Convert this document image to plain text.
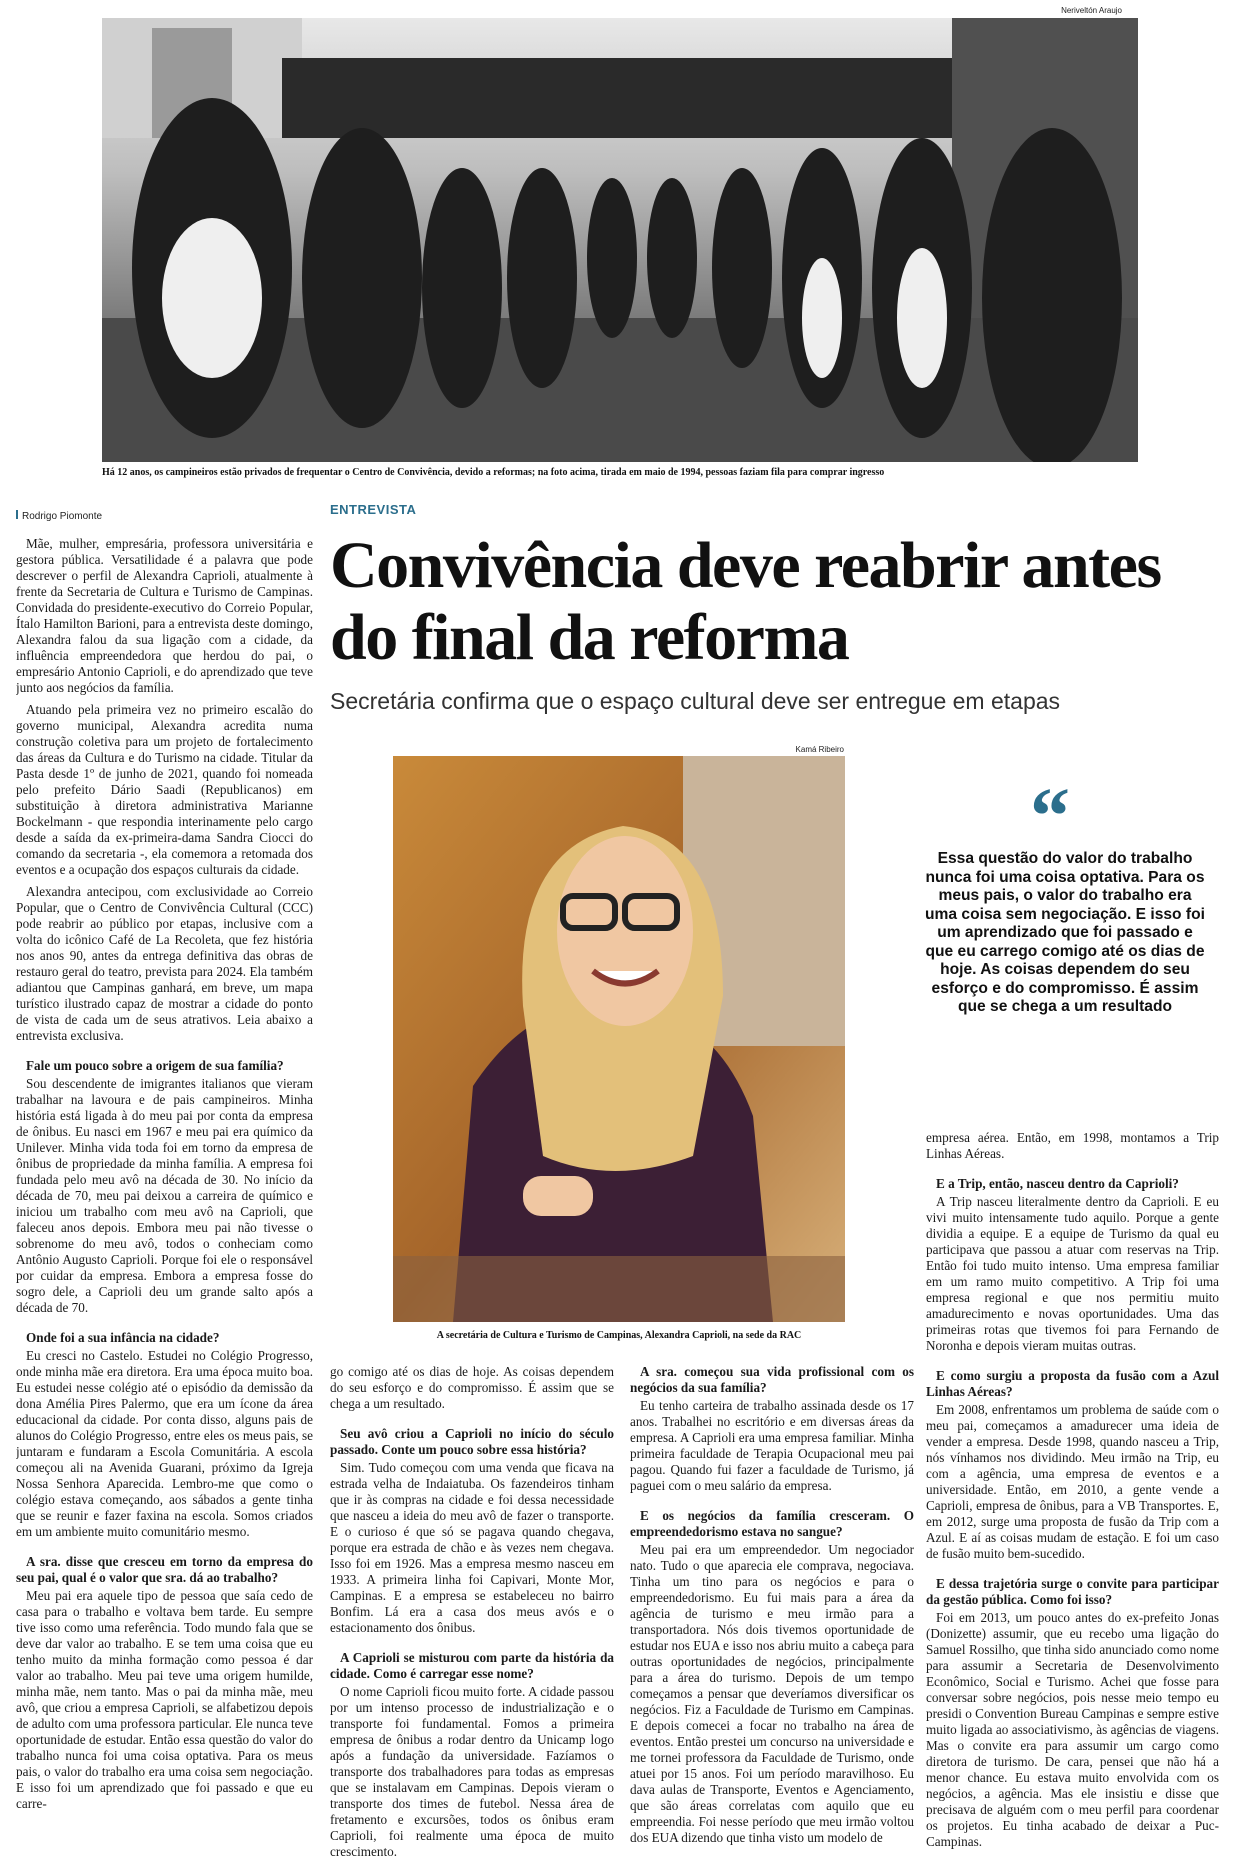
Neriveltón Araujo
Há 12 anos, os campineiros estão privados de frequentar o Centro de Convivência, devido a reformas; na foto acima, tirada em maio de 1994, pessoas faziam fila para comprar ingresso
Rodrigo Piomonte	ENTREVISTA
Convivência deve reabrir antes do final da reforma
Secretária confirma que o espaço cultural deve ser entregue em etapas
Kamá Ribeiro
A secretária de Cultura e Turismo de Campinas, Alexandra Caprioli, na sede da RAC
“
Essa questão do valor do trabalho nunca foi uma coisa optativa. Para os meus pais, o valor do trabalho era uma coisa sem negociação. E isso foi um aprendizado que foi passado e que eu carrego comigo até os dias de hoje. As coisas dependem do seu esforço e do compromisso. É assim que se chega a um resultado

Mãe, mulher, empresária, professora universitária e gestora pública. Versatilidade é a palavra que pode descrever o perfil de Alexandra Caprioli, atualmente à frente da Secretaria de Cultura e Turismo de Campinas. Convidada do presidente-executivo do Correio Popular, Ítalo Hamilton Barioni, para a entrevista deste domingo, Alexandra falou da sua ligação com a cidade, da influência empreendedora que herdou do pai, o empresário Antonio Caprioli, e do aprendizado que teve junto aos negócios da família.

Atuando pela primeira vez no primeiro escalão do governo municipal, Alexandra acredita numa construção coletiva para um projeto de fortalecimento das áreas da Cultura e do Turismo na cidade. Titular da Pasta desde 1º de junho de 2021, quando foi nomeada pelo prefeito Dário Saadi (Republicanos) em substituição à diretora administrativa Marianne Bockelmann - que respondia interinamente pelo cargo desde a saída da ex-primeira-dama Sandra Ciocci do comando da secretaria -, ela comemora a retomada dos eventos e a ocupação dos espaços culturais da cidade.

Alexandra antecipou, com exclusividade ao Correio Popular, que o Centro de Convivência Cultural (CCC) pode reabrir ao público por etapas, inclusive com a volta do icônico Café de La Recoleta, que fez história nos anos 90, antes da entrega definitiva das obras de restauro geral do teatro, prevista para 2024. Ela também adiantou que Campinas ganhará, em breve, um mapa turístico ilustrado capaz de mostrar a cidade do ponto de vista de cada um de seus atrativos. Leia abaixo a entrevista exclusiva.

Fale um pouco sobre a origem de sua família?

Sou descendente de imigrantes italianos que vieram trabalhar na lavoura e de pais campineiros. Minha história está ligada à do meu pai por conta da empresa de ônibus. Eu nasci em 1967 e meu pai era químico da Unilever. Minha vida toda foi em torno da empresa de ônibus de propriedade da minha família. A empresa foi fundada pelo meu avô na década de 30. No início da década de 70, meu pai deixou a carreira de químico e iniciou um trabalho com meu avô na Caprioli, que faleceu anos depois. Embora meu pai não tivesse o sobrenome do meu avô, todos o conheciam como Antônio Augusto Caprioli. Porque foi ele o responsável por cuidar da empresa. Embora a empresa fosse do sogro dele, a Caprioli deu um grande salto após a década de 70.

Onde foi a sua infância na cidade?

Eu cresci no Castelo. Estudei no Colégio Progresso, onde minha mãe era diretora. Era uma época muito boa. Eu estudei nesse colégio até o episódio da demissão da dona Amélia Pires Palermo, que era um ícone da área educacional da cidade. Por conta disso, alguns pais de alunos do Colégio Progresso, entre eles os meus pais, se juntaram e fundaram a Escola Comunitária. A escola começou ali na Avenida Guarani, próximo da Igreja Nossa Senhora Aparecida. Lembro-me que como o colégio estava começando, aos sábados a gente tinha que se reunir e fazer faxina na escola. Somos criados em um ambiente muito comunitário mesmo.

A sra. disse que cresceu em torno da empresa do seu pai, qual é o valor que sra. dá ao trabalho?

Meu pai era aquele tipo de pessoa que saía cedo de casa para o trabalho e voltava bem tarde. Eu sempre tive isso como uma referência. Todo mundo fala que se deve dar valor ao trabalho. E se tem uma coisa que eu tenho muito da minha formação como pessoa é dar valor ao trabalho. Meu pai teve uma origem humilde, minha mãe, nem tanto. Mas o pai da minha mãe, meu avô, que criou a empresa Caprioli, se alfabetizou depois de adulto com uma professora particular. Ele nunca teve oportunidade de estudar. Então essa questão do valor do trabalho nunca foi uma coisa optativa. Para os meus pais, o valor do trabalho era uma coisa sem negociação. E isso foi um aprendizado que foi passado e que eu carre-

go comigo até os dias de hoje. As coisas dependem do seu esforço e do compromisso. É assim que se chega a um resultado.

Seu avô criou a Caprioli no início do século passado. Conte um pouco sobre essa história?

Sim. Tudo começou com uma venda que ficava na estrada velha de Indaiatuba. Os fazendeiros tinham que ir às compras na cidade e foi dessa necessidade que nasceu a ideia do meu avô de fazer o transporte. E o curioso é que só se pagava quando chegava, porque era estrada de chão e às vezes nem chegava. Isso foi em 1926. Mas a empresa mesmo nasceu em 1933. A primeira linha foi Capivari, Monte Mor, Campinas. E a empresa se estabeleceu no bairro Bonfim. Lá era a casa dos meus avós e o estacionamento dos ônibus.

A Caprioli se misturou com parte da história da cidade. Como é carregar esse nome?

O nome Caprioli ficou muito forte. A cidade passou por um intenso processo de industrialização e o transporte foi fundamental. Fomos a primeira empresa de ônibus a rodar dentro da Unicamp logo após a fundação da universidade. Fazíamos o transporte dos trabalhadores para todas as empresas que se instalavam em Campinas. Depois vieram o transporte dos times de futebol. Nessa área de fretamento e excursões, todos os ônibus eram Caprioli, foi realmente uma época de muito crescimento.

A sra. começou sua vida profissional com os negócios da sua família?

Eu tenho carteira de trabalho assinada desde os 17 anos. Trabalhei no escritório e em diversas áreas da empresa. A Caprioli era uma empresa familiar. Minha primeira faculdade de Terapia Ocupacional meu pai pagou. Quando fui fazer a faculdade de Turismo, já paguei com o meu salário da empresa.

E os negócios da família cresceram. O empreendedorismo estava no sangue?

Meu pai era um empreendedor. Um negociador nato. Tudo o que aparecia ele comprava, negociava. Tinha um tino para os negócios e para o empreendedorismo. Eu fui mais para a área da agência de turismo e meu irmão para a transportadora. Nós dois tivemos oportunidade de estudar nos EUA e isso nos abriu muito a cabeça para outras oportunidades de negócios, principalmente para a área do turismo. Depois de um tempo começamos a pensar que deveríamos diversificar os negócios. Fiz a Faculdade de Turismo em Campinas. E depois comecei a focar no trabalho na área de eventos. Então prestei um concurso na universidade e me tornei professora da Faculdade de Turismo, onde atuei por 15 anos. Foi um período maravilhoso. Eu dava aulas de Transporte, Eventos e Agenciamento, que são áreas correlatas com aquilo que eu empreendia. Foi nesse período que meu irmão voltou dos EUA dizendo que tinha visto um modelo de

empresa aérea. Então, em 1998, montamos a Trip Linhas Aéreas.

E a Trip, então, nasceu dentro da Caprioli?

A Trip nasceu literalmente dentro da Caprioli. E eu vivi muito intensamente tudo aquilo. Porque a gente dividia a equipe. E a equipe de Turismo da qual eu participava que passou a atuar com reservas na Trip. Então foi tudo muito intenso. Uma empresa familiar em um ramo muito competitivo. A Trip foi uma empresa regional e que nos permitiu muito amadurecimento e novas oportunidades. Uma das primeiras rotas que tivemos foi para Fernando de Noronha e depois vieram muitas outras.

E como surgiu a proposta da fusão com a Azul Linhas Aéreas?

Em 2008, enfrentamos um problema de saúde com o meu pai, começamos a amadurecer uma ideia de vender a empresa. Desde 1998, quando nasceu a Trip, nós vínhamos nos dividindo. Meu irmão na Trip, eu com a agência, uma empresa de eventos e a universidade. Então, em 2010, a gente vende a Caprioli, empresa de ônibus, para a VB Transportes. E, em 2012, surge uma proposta de fusão da Trip com a Azul. E aí as coisas mudam de estação. E foi um caso de fusão muito bem-sucedido.

E dessa trajetória surge o convite para participar da gestão pública. Como foi isso?

Foi em 2013, um pouco antes do ex-prefeito Jonas (Donizette) assumir, que eu recebo uma ligação do Samuel Rossilho, que tinha sido anunciado como nome para assumir a Secretaria de Desenvolvimento Econômico, Social e Turismo. Achei que fosse para conversar sobre negócios, pois nesse meio tempo eu presidi o Convention Bureau Campinas e sempre estive muito ligada ao associativismo, às agências de viagens. Mas o convite era para assumir um cargo como diretora de turismo. De cara, pensei que não há a menor chance. Eu estava muito envolvida com os negócios, a agência. Mas ele insistiu e disse que precisava de alguém com o meu perfil para coordenar os projetos. Eu tinha acabado de deixar a Puc-Campinas.
